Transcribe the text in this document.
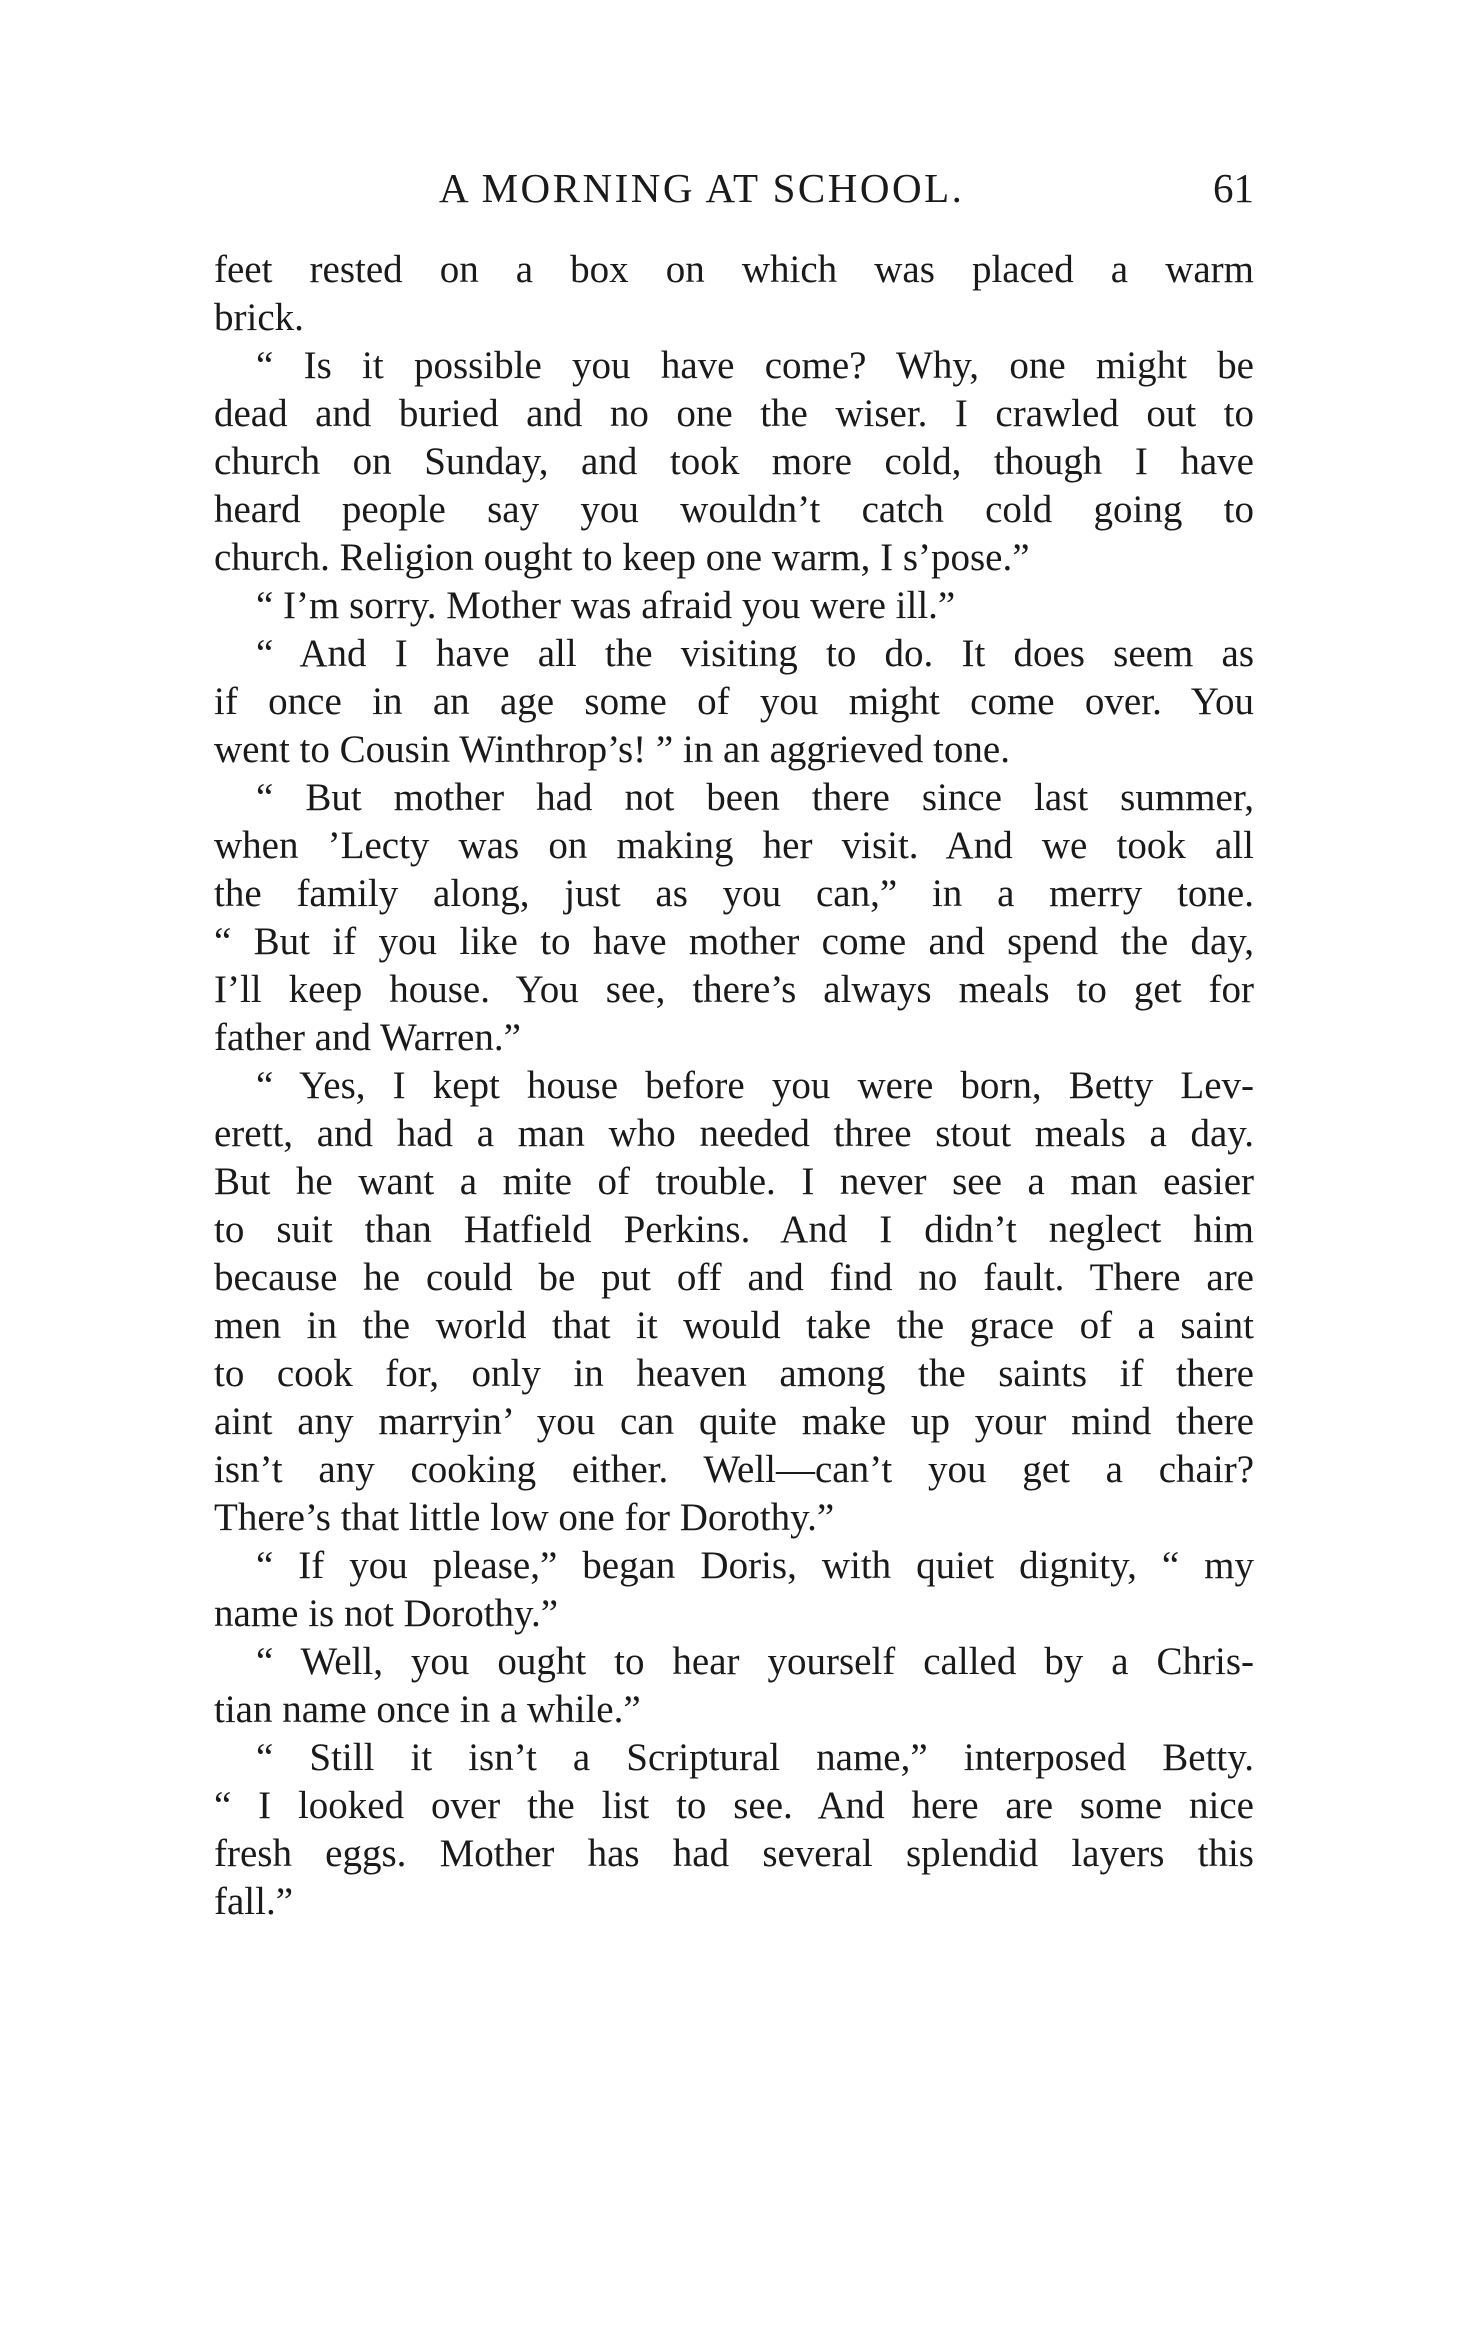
A MORNING AT SCHOOL.	61
feet rested on a box on which was placed a warm
brick.
“ Is it possible you have come? Why, one might be
dead and buried and no one the wiser. I crawled out to
church on Sunday, and took more cold, though I have
heard people say you wouldn’t catch cold going to
church. Religion ought to keep one warm, I s’pose.”
“ I’m sorry. Mother was afraid you were ill.”
“ And I have all the visiting to do. It does seem as
if once in an age some of you might come over. You
went to Cousin Winthrop’s! ” in an aggrieved tone.
“ But mother had not been there since last summer,
when ’Lecty was on making her visit. And we took all
the family along, just as you can,” in a merry tone.
“ But if you like to have mother come and spend the day,
I’ll keep house. You see, there’s always meals to get for
father and Warren.”
“ Yes, I kept house before you were born, Betty Lev-
erett, and had a man who needed three stout meals a day.
But he want a mite of trouble. I never see a man easier
to suit than Hatfield Perkins. And I didn’t neglect him
because he could be put off and find no fault. There are
men in the world that it would take the grace of a saint
to cook for, only in heaven among the saints if there
aint any marryin’ you can quite make up your mind there
isn’t any cooking either. Well—can’t you get a chair?
There’s that little low one for Dorothy.”
“ If you please,” began Doris, with quiet dignity, “ my
name is not Dorothy.”
“ Well, you ought to hear yourself called by a Chris-
tian name once in a while.”
“ Still it isn’t a Scriptural name,” interposed Betty.
“ I looked over the list to see. And here are some nice
fresh eggs. Mother has had several splendid layers this
fall.”
